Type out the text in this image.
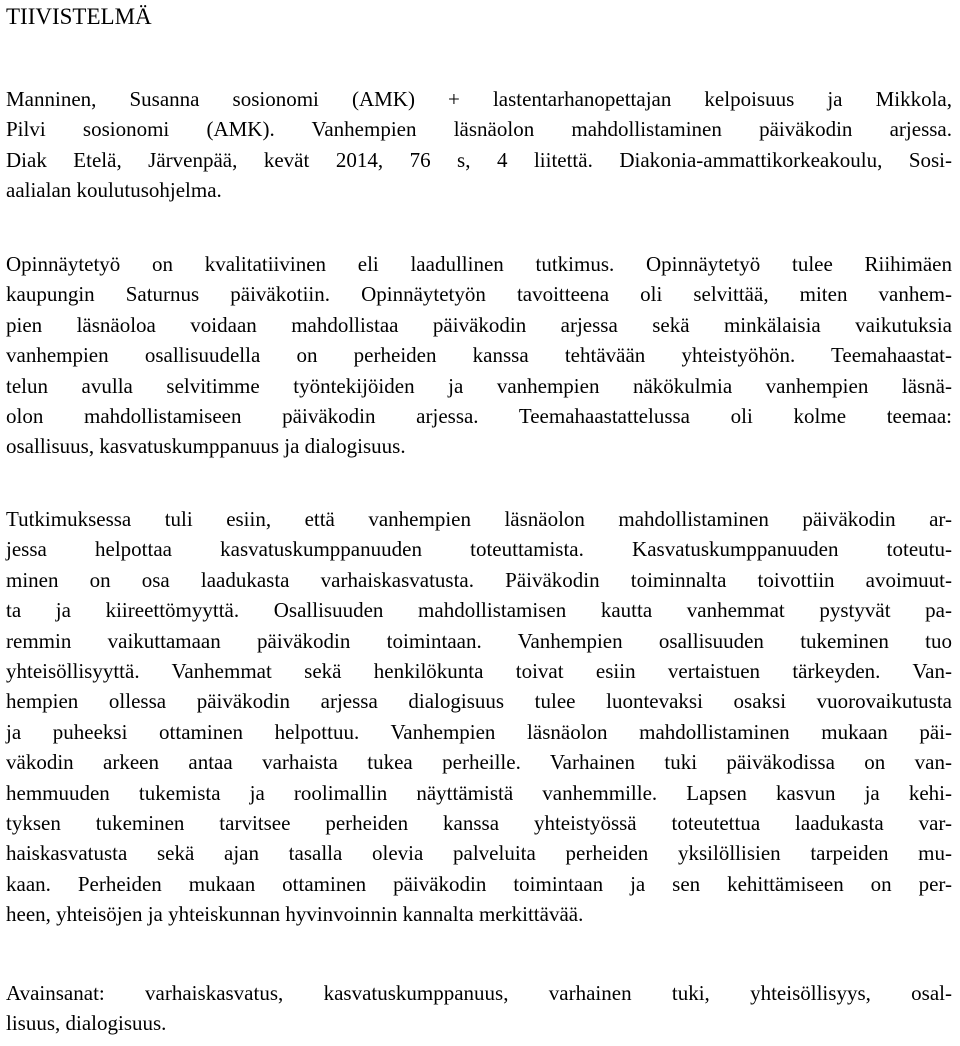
TIIVISTELMÄ

Manninen, Susanna sosionomi (AMK) + lastentarhanopettajan kelpoisuus ja Mikkola,
Pilvi sosionomi (AMK). Vanhempien läsnäolon mahdollistaminen päiväkodin arjessa.
Diak Etelä, Järvenpää, kevät 2014, 76 s, 4 liitettä. Diakonia-ammattikorkeakoulu, Sosi-
aalialan koulutusohjelma.

Opinnäytetyö on kvalitatiivinen eli laadullinen tutkimus. Opinnäytetyö tulee Riihimäen
kaupungin Saturnus päiväkotiin. Opinnäytetyön tavoitteena oli selvittää, miten vanhem-
pien läsnäoloa voidaan mahdollistaa päiväkodin arjessa sekä minkälaisia vaikutuksia
vanhempien osallisuudella on perheiden kanssa tehtävään yhteistyöhön. Teemahaastat-
telun avulla selvitimme työntekijöiden ja vanhempien näkökulmia vanhempien läsnä-
olon mahdollistamiseen päiväkodin arjessa. Teemahaastattelussa oli kolme teemaa:
osallisuus, kasvatuskumppanuus ja dialogisuus.

Tutkimuksessa tuli esiin, että vanhempien läsnäolon mahdollistaminen päiväkodin ar-
jessa helpottaa kasvatuskumppanuuden toteuttamista. Kasvatuskumppanuuden toteutu-
minen on osa laadukasta varhaiskasvatusta. Päiväkodin toiminnalta toivottiin avoimuut-
ta ja kiireettömyyttä. Osallisuuden mahdollistamisen kautta vanhemmat pystyvät pa-
remmin vaikuttamaan päiväkodin toimintaan. Vanhempien osallisuuden tukeminen tuo
yhteisöllisyyttä. Vanhemmat sekä henkilökunta toivat esiin vertaistuen tärkeyden. Van-
hempien ollessa päiväkodin arjessa dialogisuus tulee luontevaksi osaksi vuorovaikutusta
ja puheeksi ottaminen helpottuu. Vanhempien läsnäolon mahdollistaminen mukaan päi-
väkodin arkeen antaa varhaista tukea perheille. Varhainen tuki päiväkodissa on van-
hemmuuden tukemista ja roolimallin näyttämistä vanhemmille. Lapsen kasvun ja kehi-
tyksen tukeminen tarvitsee perheiden kanssa yhteistyössä toteutettua laadukasta var-
haiskasvatusta sekä ajan tasalla olevia palveluita perheiden yksilöllisien tarpeiden mu-
kaan. Perheiden mukaan ottaminen päiväkodin toimintaan ja sen kehittämiseen on per-
heen, yhteisöjen ja yhteiskunnan hyvinvoinnin kannalta merkittävää.

Avainsanat: varhaiskasvatus, kasvatuskumppanuus, varhainen tuki, yhteisöllisyys, osal-
lisuus, dialogisuus.
